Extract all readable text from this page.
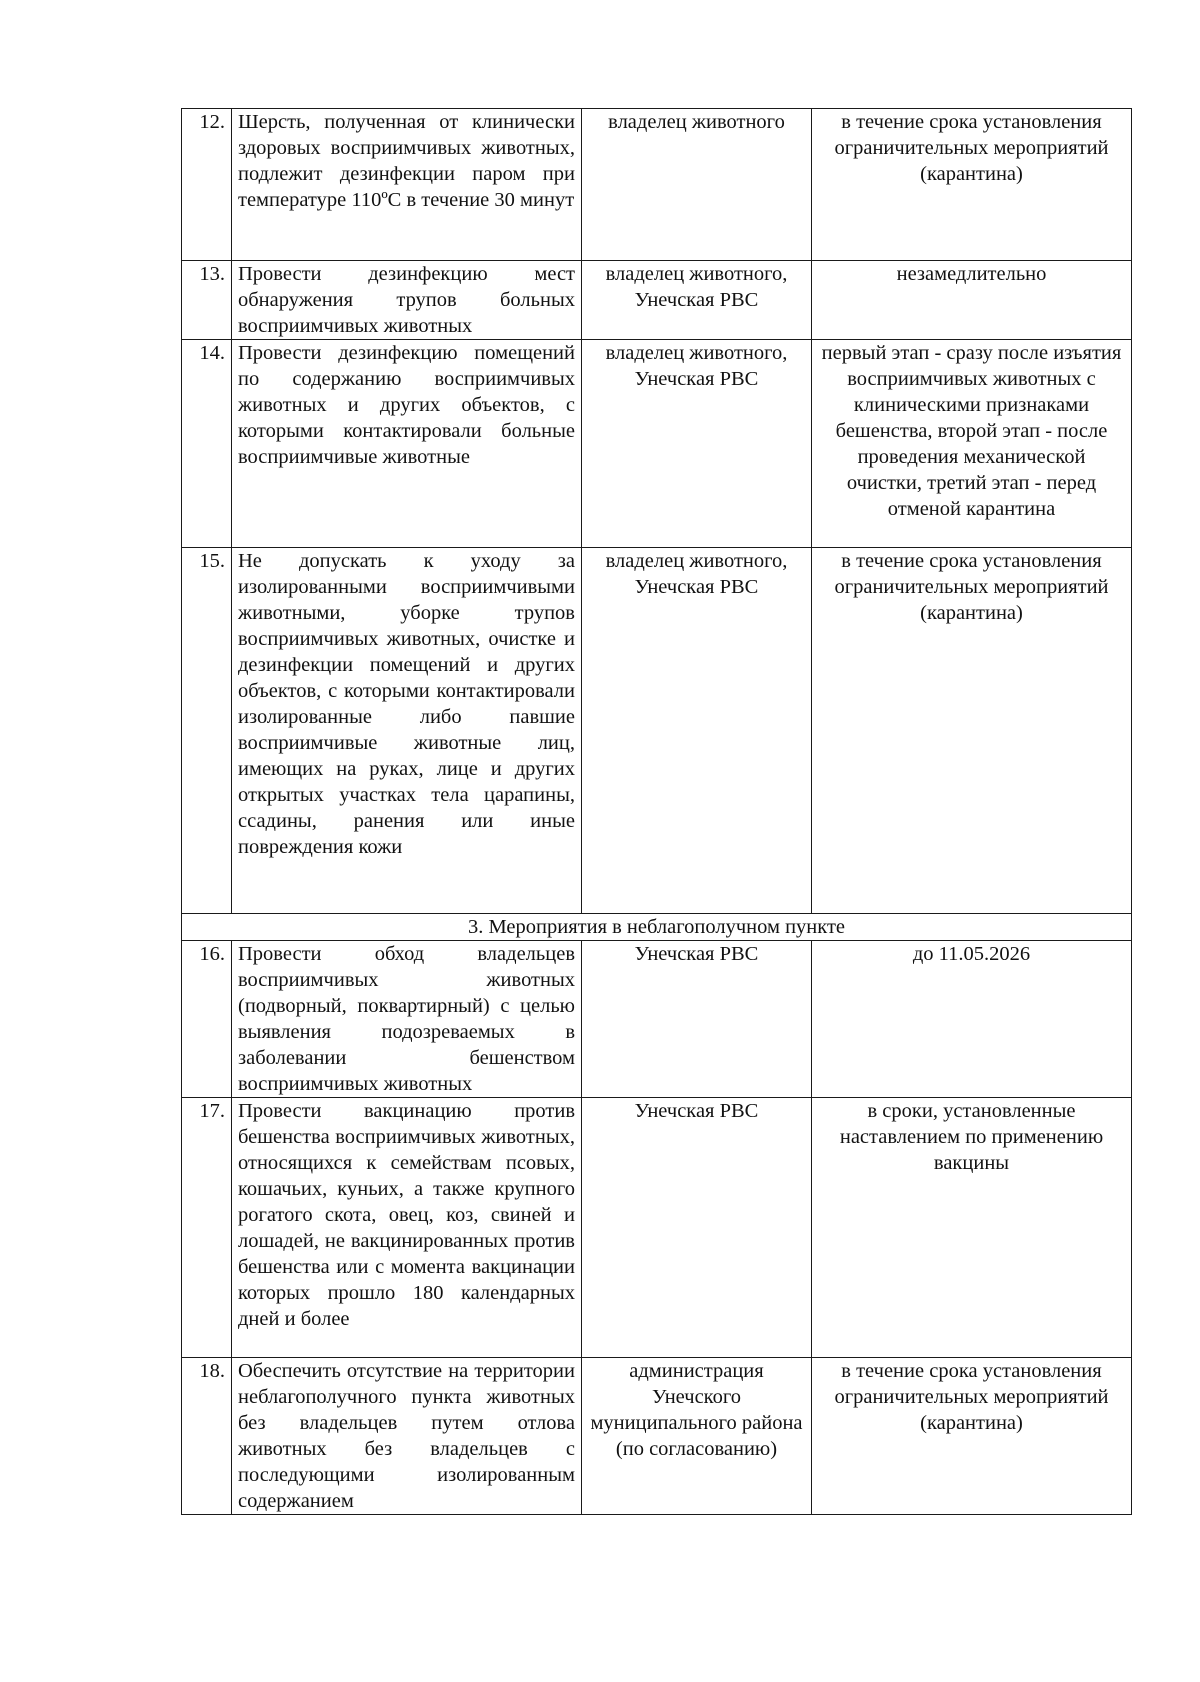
12.	Шерсть, полученная от клинически здоровых восприимчивых животных, подлежит дезинфекции паром при температуре 110ºС в течение 30 минут	владелец животного	в течение срока установления ограничительных мероприятий (карантина)
13.	Провести дезинфекцию мест обнаружения трупов больных восприимчивых животных	владелец животного, Унечская РВС	незамедлительно
14.	Провести дезинфекцию помещений по содержанию восприимчивых животных и других объектов, с которыми контактировали больные восприимчивые животные	владелец животного, Унечская РВС	первый этап - сразу после изъятия восприимчивых животных с клиническими признаками бешенства, второй этап - после проведения механической очистки, третий этап - перед отменой карантина
15.	Не допускать к уходу за изолированными восприимчивыми животными, уборке трупов восприимчивых животных, очистке и дезинфекции помещений и других объектов, с которыми контактировали изолированные либо павшие восприимчивые животные лиц, имеющих на руках, лице и других открытых участках тела царапины, ссадины, ранения или иные повреждения кожи	владелец животного, Унечская РВС	в течение срока установления ограничительных мероприятий (карантина)
3. Мероприятия в неблагополучном пункте			
16.	Провести обход владельцев восприимчивых животных (подворный, поквартирный) с целью выявления подозреваемых в заболевании бешенством восприимчивых животных	Унечская РВС	до 11.05.2026
17.	Провести вакцинацию против бешенства восприимчивых животных, относящихся к семействам псовых, кошачьих, куньих, а также крупного рогатого скота, овец, коз, свиней и лошадей, не вакцинированных против бешенства или с момента вакцинации которых прошло 180 календарных дней и более	Унечская РВС	в сроки, установленные наставлением по применению вакцины
18.	Обеспечить отсутствие на территории неблагополучного пункта животных без владельцев путем отлова животных без владельцев с последующими изолированным содержанием	администрация Унечского муниципального района (по согласованию)	в течение срока установления ограничительных мероприятий (карантина)
